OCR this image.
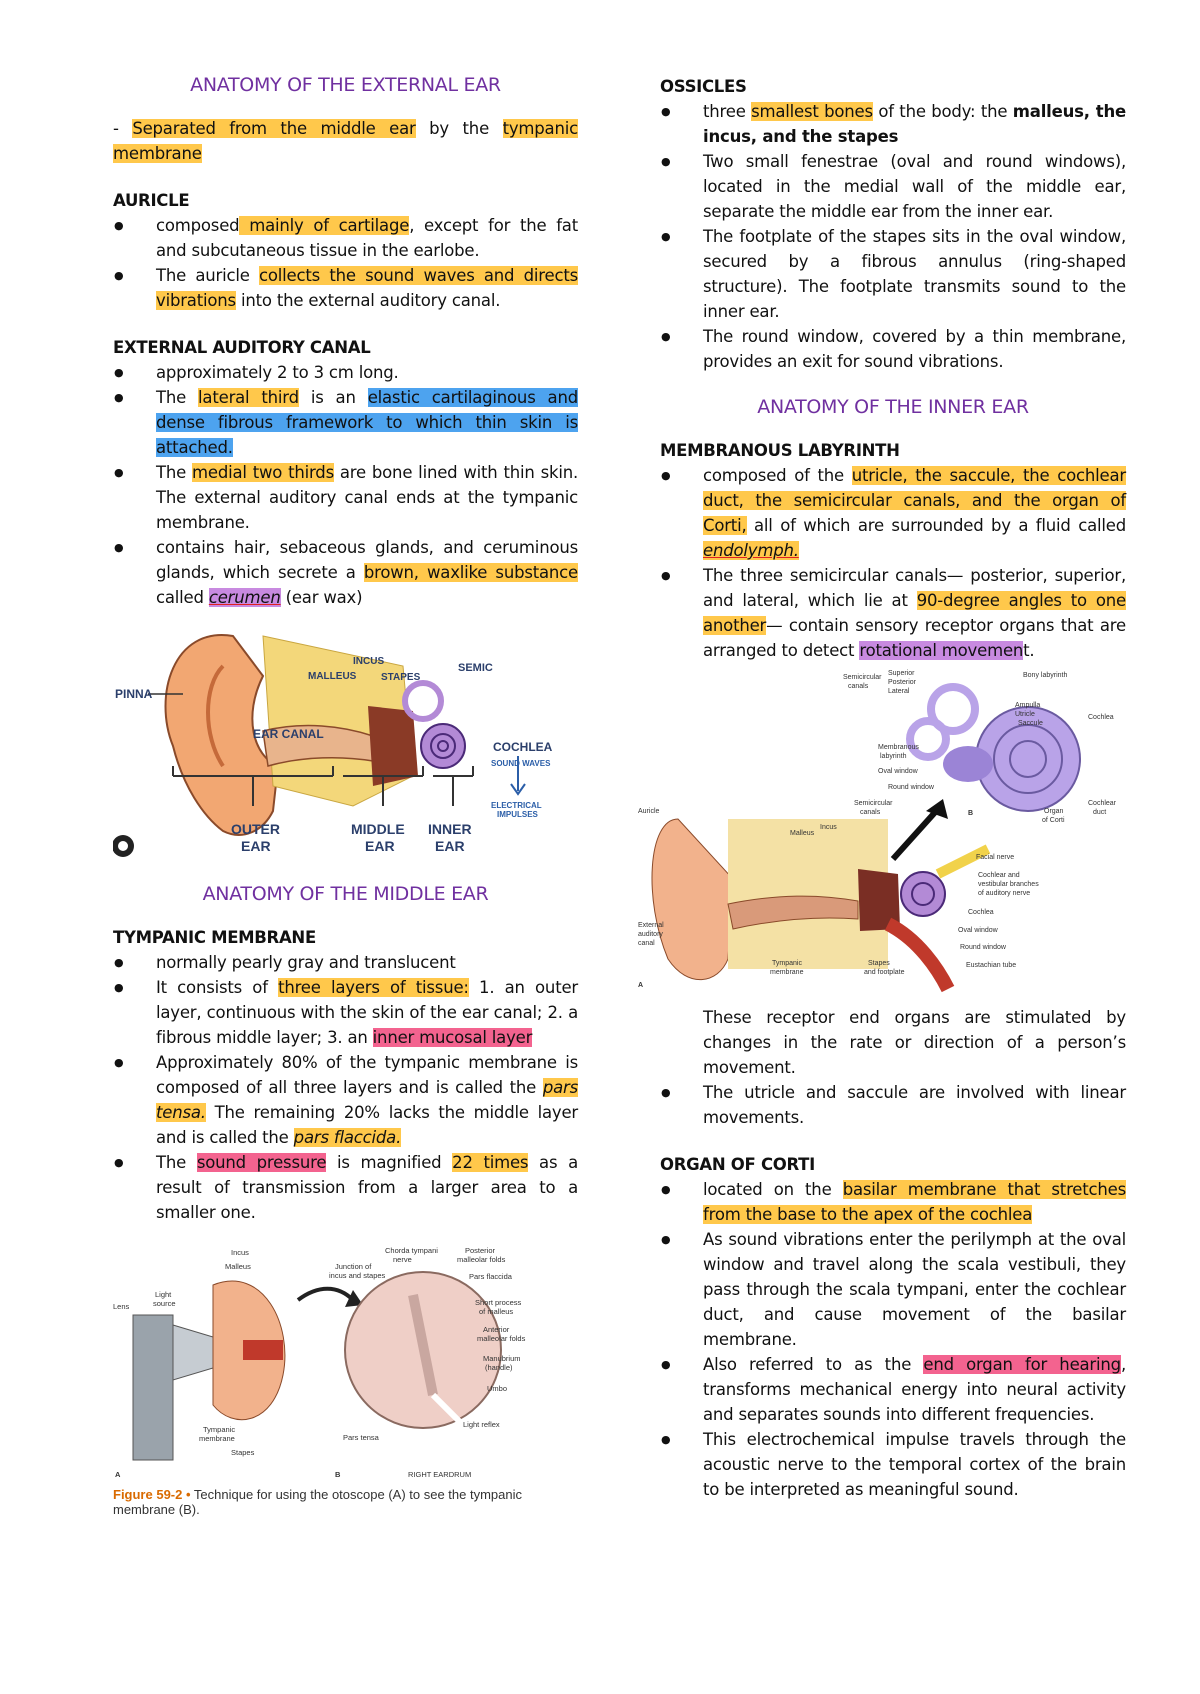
ANATOMY OF THE EXTERNAL EAR

- Separated from the middle ear by the tympanic membrane

AURICLE

● composed mainly of cartilage, except for the fat and subcutaneous tissue in the earlobe.
● The auricle collects the sound waves and directs vibrations into the external auditory canal.

EXTERNAL AUDITORY CANAL

● approximately 2 to 3 cm long.
● The lateral third is an elastic cartilaginous and dense fibrous framework to which thin skin is attached.
● The medial two thirds are bone lined with thin skin. The external auditory canal ends at the tympanic membrane.
● contains hair, sebaceous glands, and ceruminous glands, which secrete a brown, waxlike substance called cerumen (ear wax)
PINNA
MALLEUS
INCUS
STAPES
SEMIC
EAR CANAL
COCHLEA
SOUND WAVES
ELECTRICAL
IMPULSES
OUTER
EAR
MIDDLE
EAR
INNER
EAR
ANATOMY OF THE MIDDLE EAR

TYMPANIC MEMBRANE

● normally pearly gray and translucent
● It consists of three layers of tissue: 1. an outer layer, continuous with the skin of the ear canal; 2. a fibrous middle layer; 3. an inner mucosal layer
● Approximately 80% of the tympanic membrane is composed of all three layers and is called the pars tensa. The remaining 20% lacks the middle layer and is called the pars flaccida.
● The sound pressure is magnified 22 times as a result of transmission from a larger area to a smaller one.
Incus
Malleus
Lens
Light
source
Tympanic
membrane
Stapes
A
Junction of
incus and stapes
Chorda tympani
nerve
Posterior
malleolar folds
Pars flaccida
Short process
of malleus
Anterior
malleolar folds
Manubrium
(handle)
Umbo
Light reflex
Pars tensa
B	RIGHT EARDRUM
Figure 59-2 • Technique for using the otoscope (A) to see the tympanic membrane (B).

OSSICLES

● three smallest bones of the body: the malleus, the incus, and the stapes
● Two small fenestrae (oval and round windows), located in the medial wall of the middle ear, separate the middle ear from the inner ear.
● The footplate of the stapes sits in the oval window, secured by a fibrous annulus (ring-shaped structure). The footplate transmits sound to the inner ear.
● The round window, covered by a thin membrane, provides an exit for sound vibrations.
ANATOMY OF THE INNER EAR

MEMBRANOUS LABYRINTH

● composed of the utricle, the saccule, the cochlear duct, the semicircular canals, and the organ of Corti, all of which are surrounded by a fluid called endolymph.
● The three semicircular canals— posterior, superior, and lateral, which lie at 90-degree angles to one another— contain sensory receptor organs that are arranged to detect rotational movement.
Semicircular
canals
Superior
Posterior
Lateral
Bony labyrinth
Ampulla
Utricle
Saccule
Cochlea
Membranous
labyrinth
Oval window
Round window
Cochlear
duct
Organ
of Corti
B
Auricle
Semicircular
canals
Incus
Malleus
Facial nerve
Cochlear and
vestibular branches
of auditory nerve
Cochlea
Oval window
Round window
Eustachian tube
External
auditory
canal
Tympanic
membrane
Stapes
and footplate
A
These receptor end organs are stimulated by changes in the rate or direction of a person’s movement.
● The utricle and saccule are involved with linear movements.

ORGAN OF CORTI

● located on the basilar membrane that stretches from the base to the apex of the cochlea
● As sound vibrations enter the perilymph at the oval window and travel along the scala vestibuli, they pass through the scala tympani, enter the cochlear duct, and cause movement of the basilar membrane.
● Also referred to as the end organ for hearing, transforms mechanical energy into neural activity and separates sounds into different frequencies.
● This electrochemical impulse travels through the acoustic nerve to the temporal cortex of the brain to be interpreted as meaningful sound.
